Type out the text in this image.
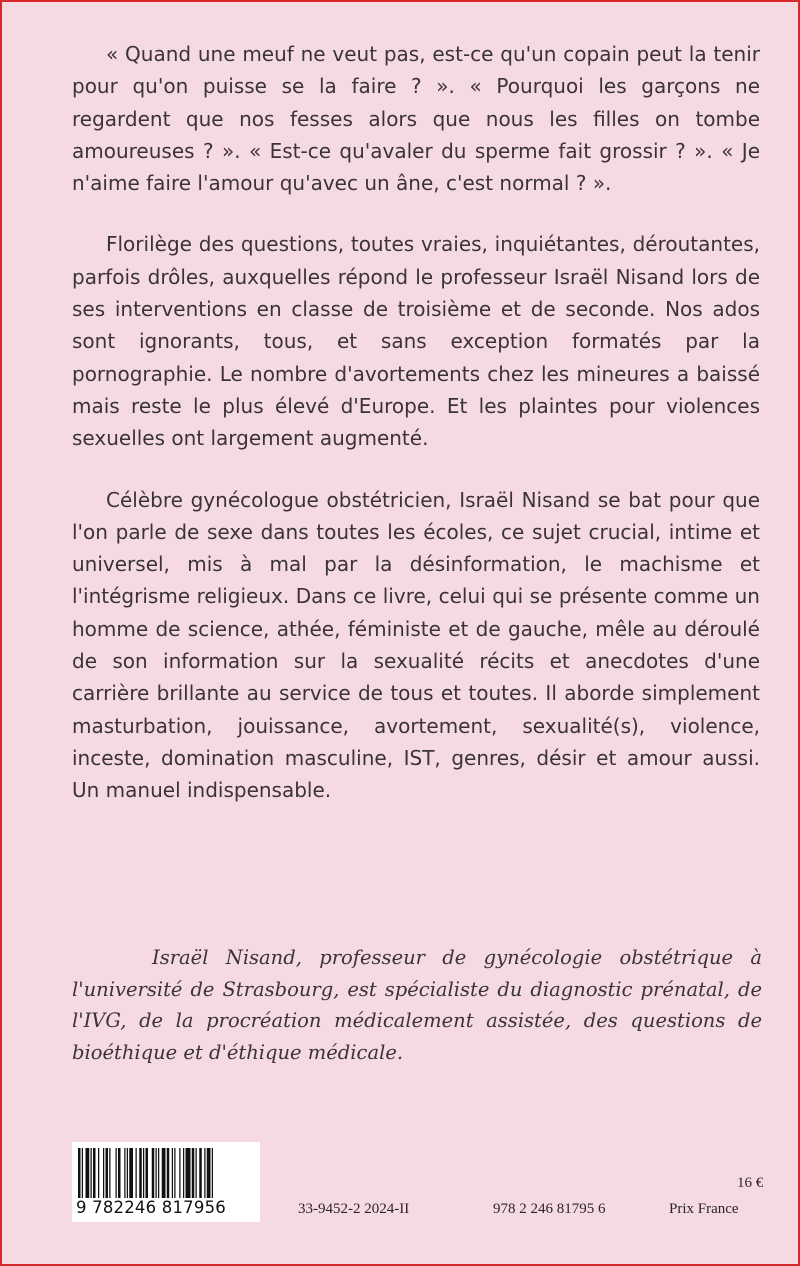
« Quand une meuf ne veut pas, est-ce qu'un copain peut la tenir pour qu'on puisse se la faire ? ». « Pourquoi les garçons ne regardent que nos fesses alors que nous les filles on tombe amoureuses ? ». « Est-ce qu'avaler du sperme fait grossir ? ». « Je n'aime faire l'amour qu'avec un âne, c'est normal ? ».

Florilège des questions, toutes vraies, inquiétantes, déroutantes, parfois drôles, auxquelles répond le professeur Israël Nisand lors de ses interventions en classe de troisième et de seconde. Nos ados sont ignorants, tous, et sans exception formatés par la pornographie. Le nombre d'avortements chez les mineures a baissé mais reste le plus élevé d'Europe. Et les plaintes pour violences sexuelles ont largement augmenté.

Célèbre gynécologue obstétricien, Israël Nisand se bat pour que l'on parle de sexe dans toutes les écoles, ce sujet crucial, intime et universel, mis à mal par la désinformation, le machisme et l'intégrisme religieux. Dans ce livre, celui qui se présente comme un homme de science, athée, féministe et de gauche, mêle au déroulé de son information sur la sexualité récits et anecdotes d'une carrière brillante au service de tous et toutes. Il aborde simplement masturbation, jouissance, avortement, sexualité(s), violence, inceste, domination masculine, IST, genres, désir et amour aussi. Un manuel indispensable.

Israël Nisand, professeur de gynécologie obstétrique à l'université de Strasbourg, est spécialiste du diagnostic prénatal, de l'IVG, de la procréation médicalement assistée, des questions de bioéthique et d'éthique médicale.

9 782246 817956	33-9452-2 2024-II	978 2 246 81795 6
16 €
Prix France
